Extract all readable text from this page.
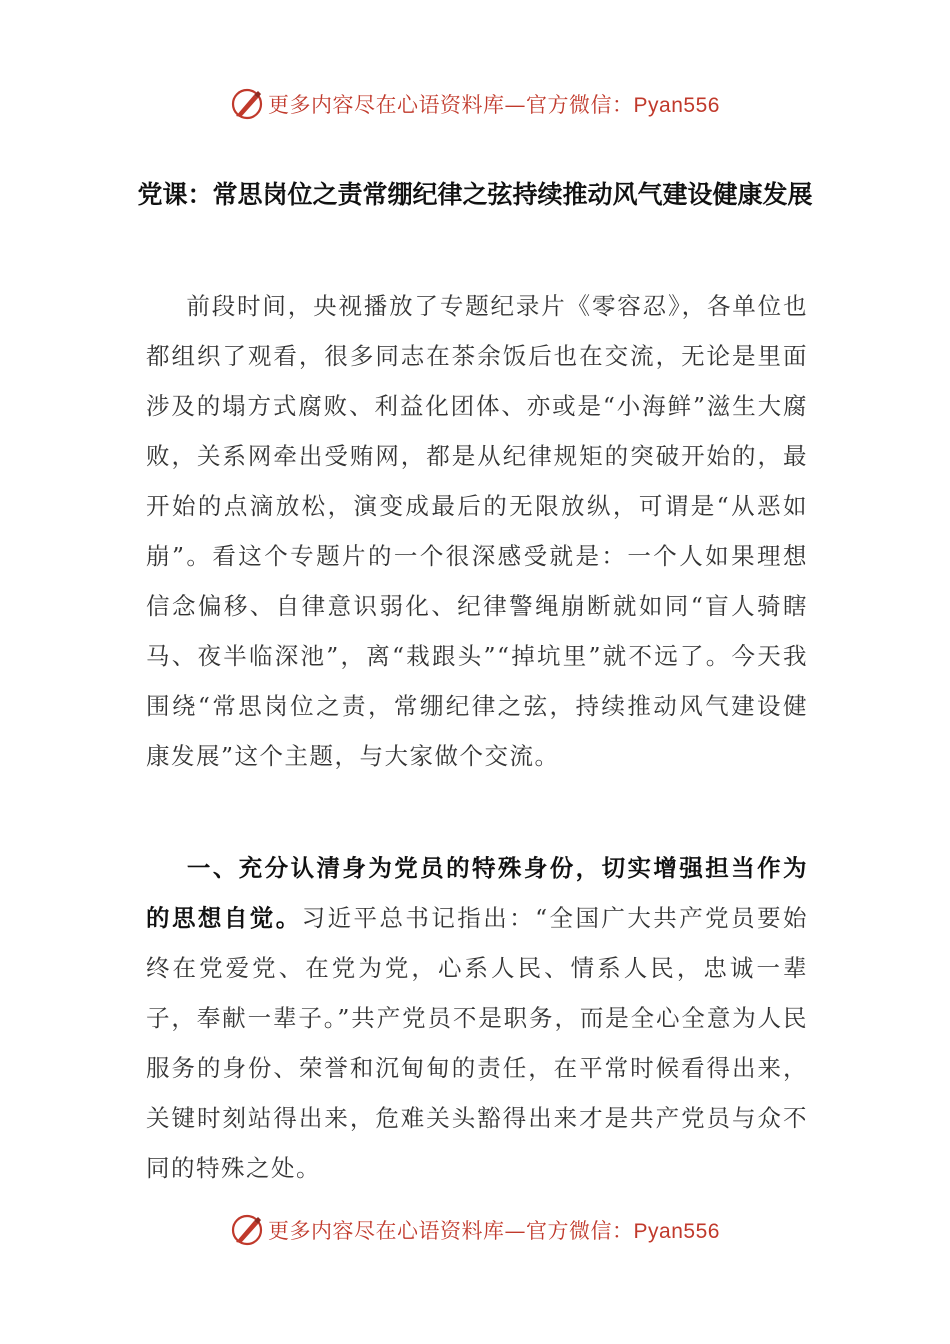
更多内容尽在心语资料库—官方微信：Pyan556
党课：常思岗位之责常绷纪律之弦持续推动风气建设健康发展
前段时间，央视播放了专题纪录片《零容忍》，各单位也都组织了观看，很多同志在茶余饭后也在交流，无论是里面涉及的塌方式腐败、利益化团体、亦或是“小海鲜”滋生大腐败，关系网牵出受贿网，都是从纪律规矩的突破开始的，最开始的点滴放松，演变成最后的无限放纵，可谓是“从恶如崩”。看这个专题片的一个很深感受就是：一个人如果理想信念偏移、自律意识弱化、纪律警绳崩断就如同“盲人骑瞎马、夜半临深池”，离“栽跟头”“掉坑里”就不远了。今天我围绕“常思岗位之责，常绷纪律之弦，持续推动风气建设健康发展”这个主题，与大家做个交流。
一、充分认清身为党员的特殊身份，切实增强担当作为的思想自觉。习近平总书记指出：“全国广大共产党员要始终在党爱党、在党为党，心系人民、情系人民，忠诚一辈子，奉献一辈子。”共产党员不是职务，而是全心全意为人民服务的身份、荣誉和沉甸甸的责任，在平常时候看得出来，关键时刻站得出来，危难关头豁得出来才是共产党员与众不同的特殊之处。
更多内容尽在心语资料库—官方微信：Pyan556
